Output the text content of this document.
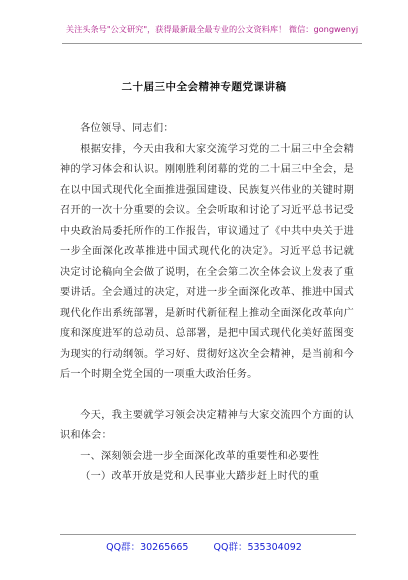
关注头条号"公文研究"，获得最新最全最专业的公文资料库！ 微信：gongwenyj
二十届三中全会精神专题党课讲稿

各位领导、同志们：

根据安排，今天由我和大家交流学习党的二十届三中全会精神的学习体会和认识。刚刚胜利闭幕的党的二十届三中全会，是在以中国式现代化全面推进强国建设、民族复兴伟业的关键时期召开的一次十分重要的会议。全会听取和讨论了习近平总书记受中央政治局委托所作的工作报告，审议通过了《中共中央关于进一步全面深化改革推进中国式现代化的决定》。习近平总书记就决定讨论稿向全会做了说明，在全会第二次全体会议上发表了重要讲话。全会通过的决定，对进一步全面深化改革、推进中国式现代化作出系统部署，是新时代新征程上推动全面深化改革向广度和深度进军的总动员、总部署，是把中国式现代化美好蓝图变为现实的行动纲领。学习好、贯彻好这次全会精神，是当前和今后一个时期全党全国的一项重大政治任务。

今天，我主要就学习领会决定精神与大家交流四个方面的认识和体会：

一、深刻领会进一步全面深化改革的重要性和必要性

（一）改革开放是党和人民事业大踏步赶上时代的重

QQ群：30265665	QQ群：535304092
